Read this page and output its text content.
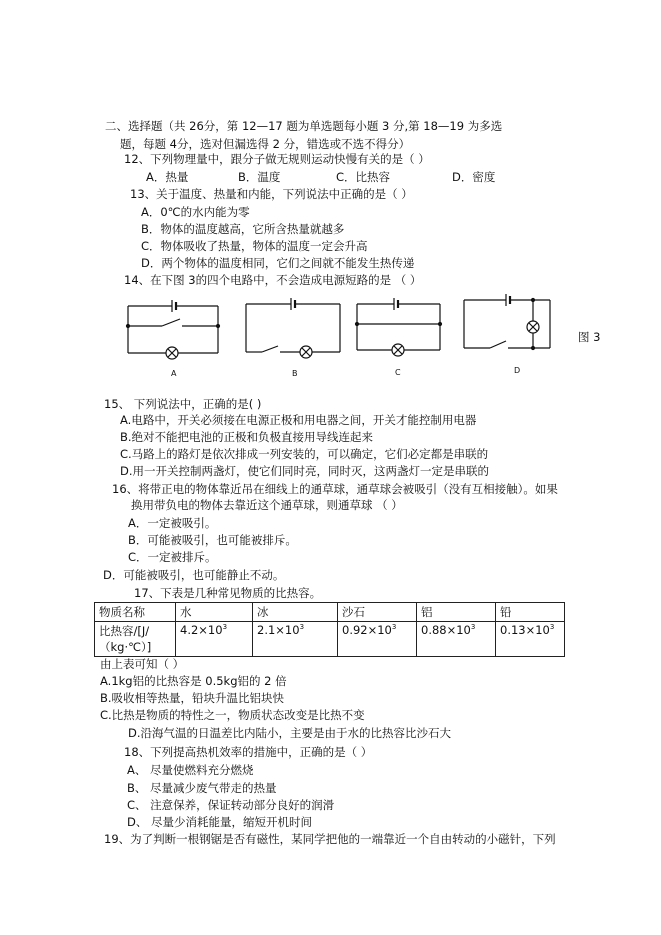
二、选择题（共 26分，第 12—17 题为单选题每小题 3 分,第 18—19 为多选
题，每题 4分，选对但漏选得 2 分，错选或不选不得分）
12、下列物理量中，跟分子做无规则运动快慢有关的是（ ）
A．热量	B．温度	C．比热容	D．密度
13、关于温度、热量和内能，下列说法中正确的是（ ）
A．0℃的水内能为零
B．物体的温度越高，它所含热量就越多
C．物体吸收了热量，物体的温度一定会升高
D．两个物体的温度相同，它们之间就不能发生热传递
14、在下图 3的四个电路中，不会造成电源短路的是 （ ）
A	B	C	D
图 3
15、 下列说法中，正确的是( )
A.电路中，开关必须接在电源正极和用电器之间，开关才能控制用电器
B.绝对不能把电池的正极和负极直接用导线连起来
C.马路上的路灯是依次排成一列安装的，可以确定，它们必定都是串联的
D.用一开关控制两盏灯，使它们同时亮，同时灭，这两盏灯一定是串联的
16、将带正电的物体靠近吊在细线上的通草球，通草球会被吸引（没有互相接触）。如果
换用带负电的物体去靠近这个通草球，则通草球 （ ）
A．一定被吸引。
B．可能被吸引，也可能被排斥。
C．一定被排斥。
D．可能被吸引，也可能静止不动。
17、下表是几种常见物质的比热容。
物质名称	水	冰	沙石	铝	铅

比热容/[J/
（kg·℃）]	$4.2\times 10^3$	$2.1\times 10^3$	$0.92\times 10^3$	$0.88\times 10^3$	$0.13\times 10^3$
由上表可知（ ）
A.1kg铝的比热容是 0.5kg铝的 2 倍
B.吸收相等热量，铅块升温比铝块快
C.比热是物质的特性之一，物质状态改变是比热不变
D.沿海气温的日温差比内陆小，主要是由于水的比热容比沙石大
18、下列提高热机效率的措施中，正确的是（ ）
A、 尽量使燃料充分燃烧
B、 尽量减少废气带走的热量
C、 注意保养，保证转动部分良好的润滑
D、 尽量少消耗能量，缩短开机时间
19、为了判断一根钢锯是否有磁性，某同学把他的一端靠近一个自由转动的小磁针，下列
